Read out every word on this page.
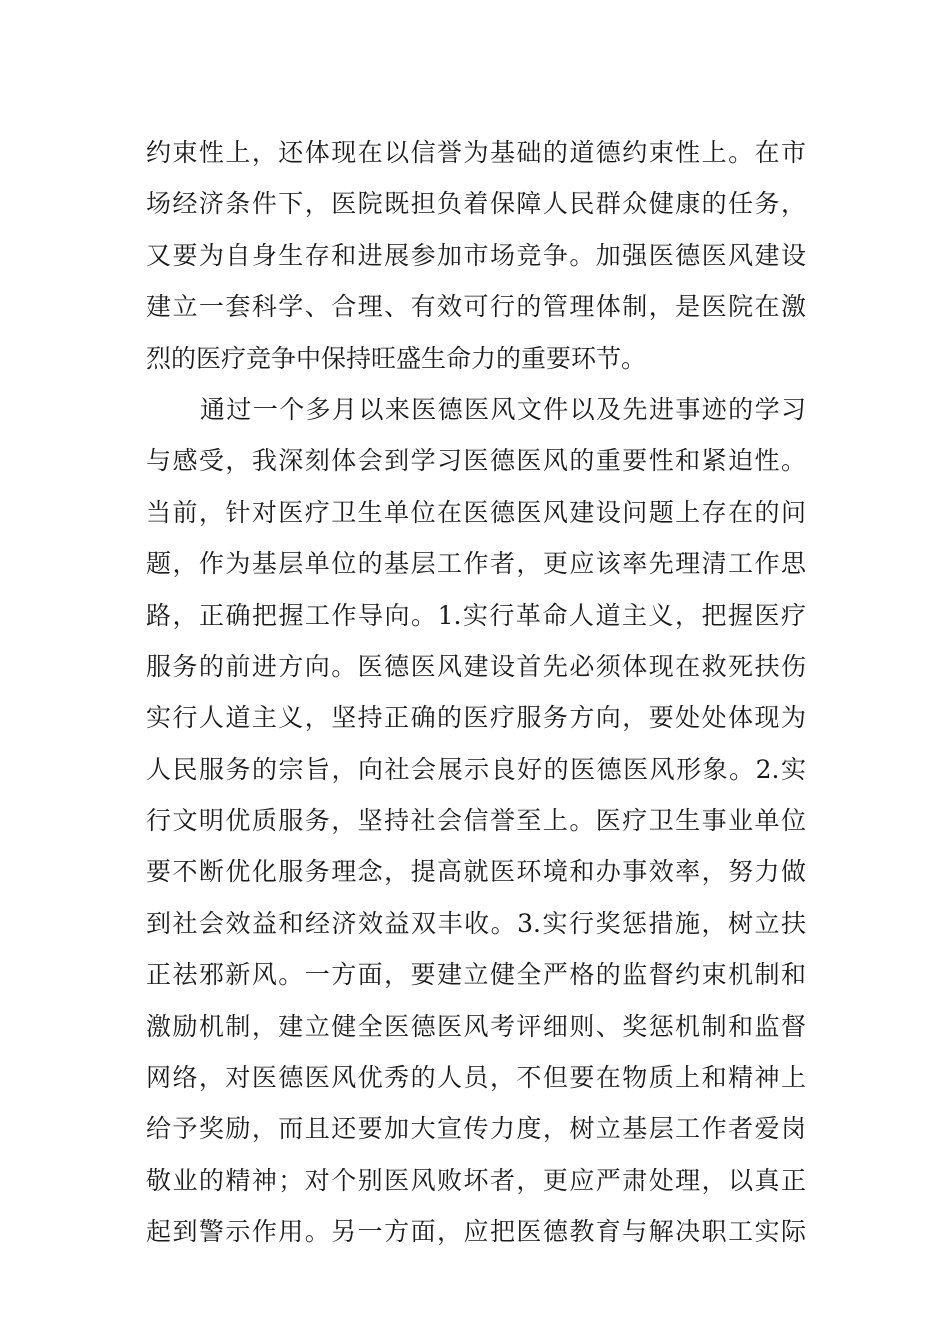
约束性上，还体现在以信誉为基础的道德约束性上。在市
场经济条件下，医院既担负着保障人民群众健康的任务，
又要为自身生存和进展参加市场竞争。加强医德医风建设
建立一套科学、合理、有效可行的管理体制，是医院在激
烈的医疗竞争中保持旺盛生命力的重要环节。
通过一个多月以来医德医风文件以及先进事迹的学习
与感受，我深刻体会到学习医德医风的重要性和紧迫性。
当前，针对医疗卫生单位在医德医风建设问题上存在的问
题，作为基层单位的基层工作者，更应该率先理清工作思
路，正确把握工作导向。1.实行革命人道主义，把握医疗
服务的前进方向。医德医风建设首先必须体现在救死扶伤
实行人道主义，坚持正确的医疗服务方向，要处处体现为
人民服务的宗旨，向社会展示良好的医德医风形象。2.实
行文明优质服务，坚持社会信誉至上。医疗卫生事业单位
要不断优化服务理念，提高就医环境和办事效率，努力做
到社会效益和经济效益双丰收。3.实行奖惩措施，树立扶
正祛邪新风。一方面，要建立健全严格的监督约束机制和
激励机制，建立健全医德医风考评细则、奖惩机制和监督
网络，对医德医风优秀的人员，不但要在物质上和精神上
给予奖励，而且还要加大宣传力度，树立基层工作者爱岗
敬业的精神；对个别医风败坏者，更应严肃处理，以真正
起到警示作用。另一方面，应把医德教育与解决职工实际
